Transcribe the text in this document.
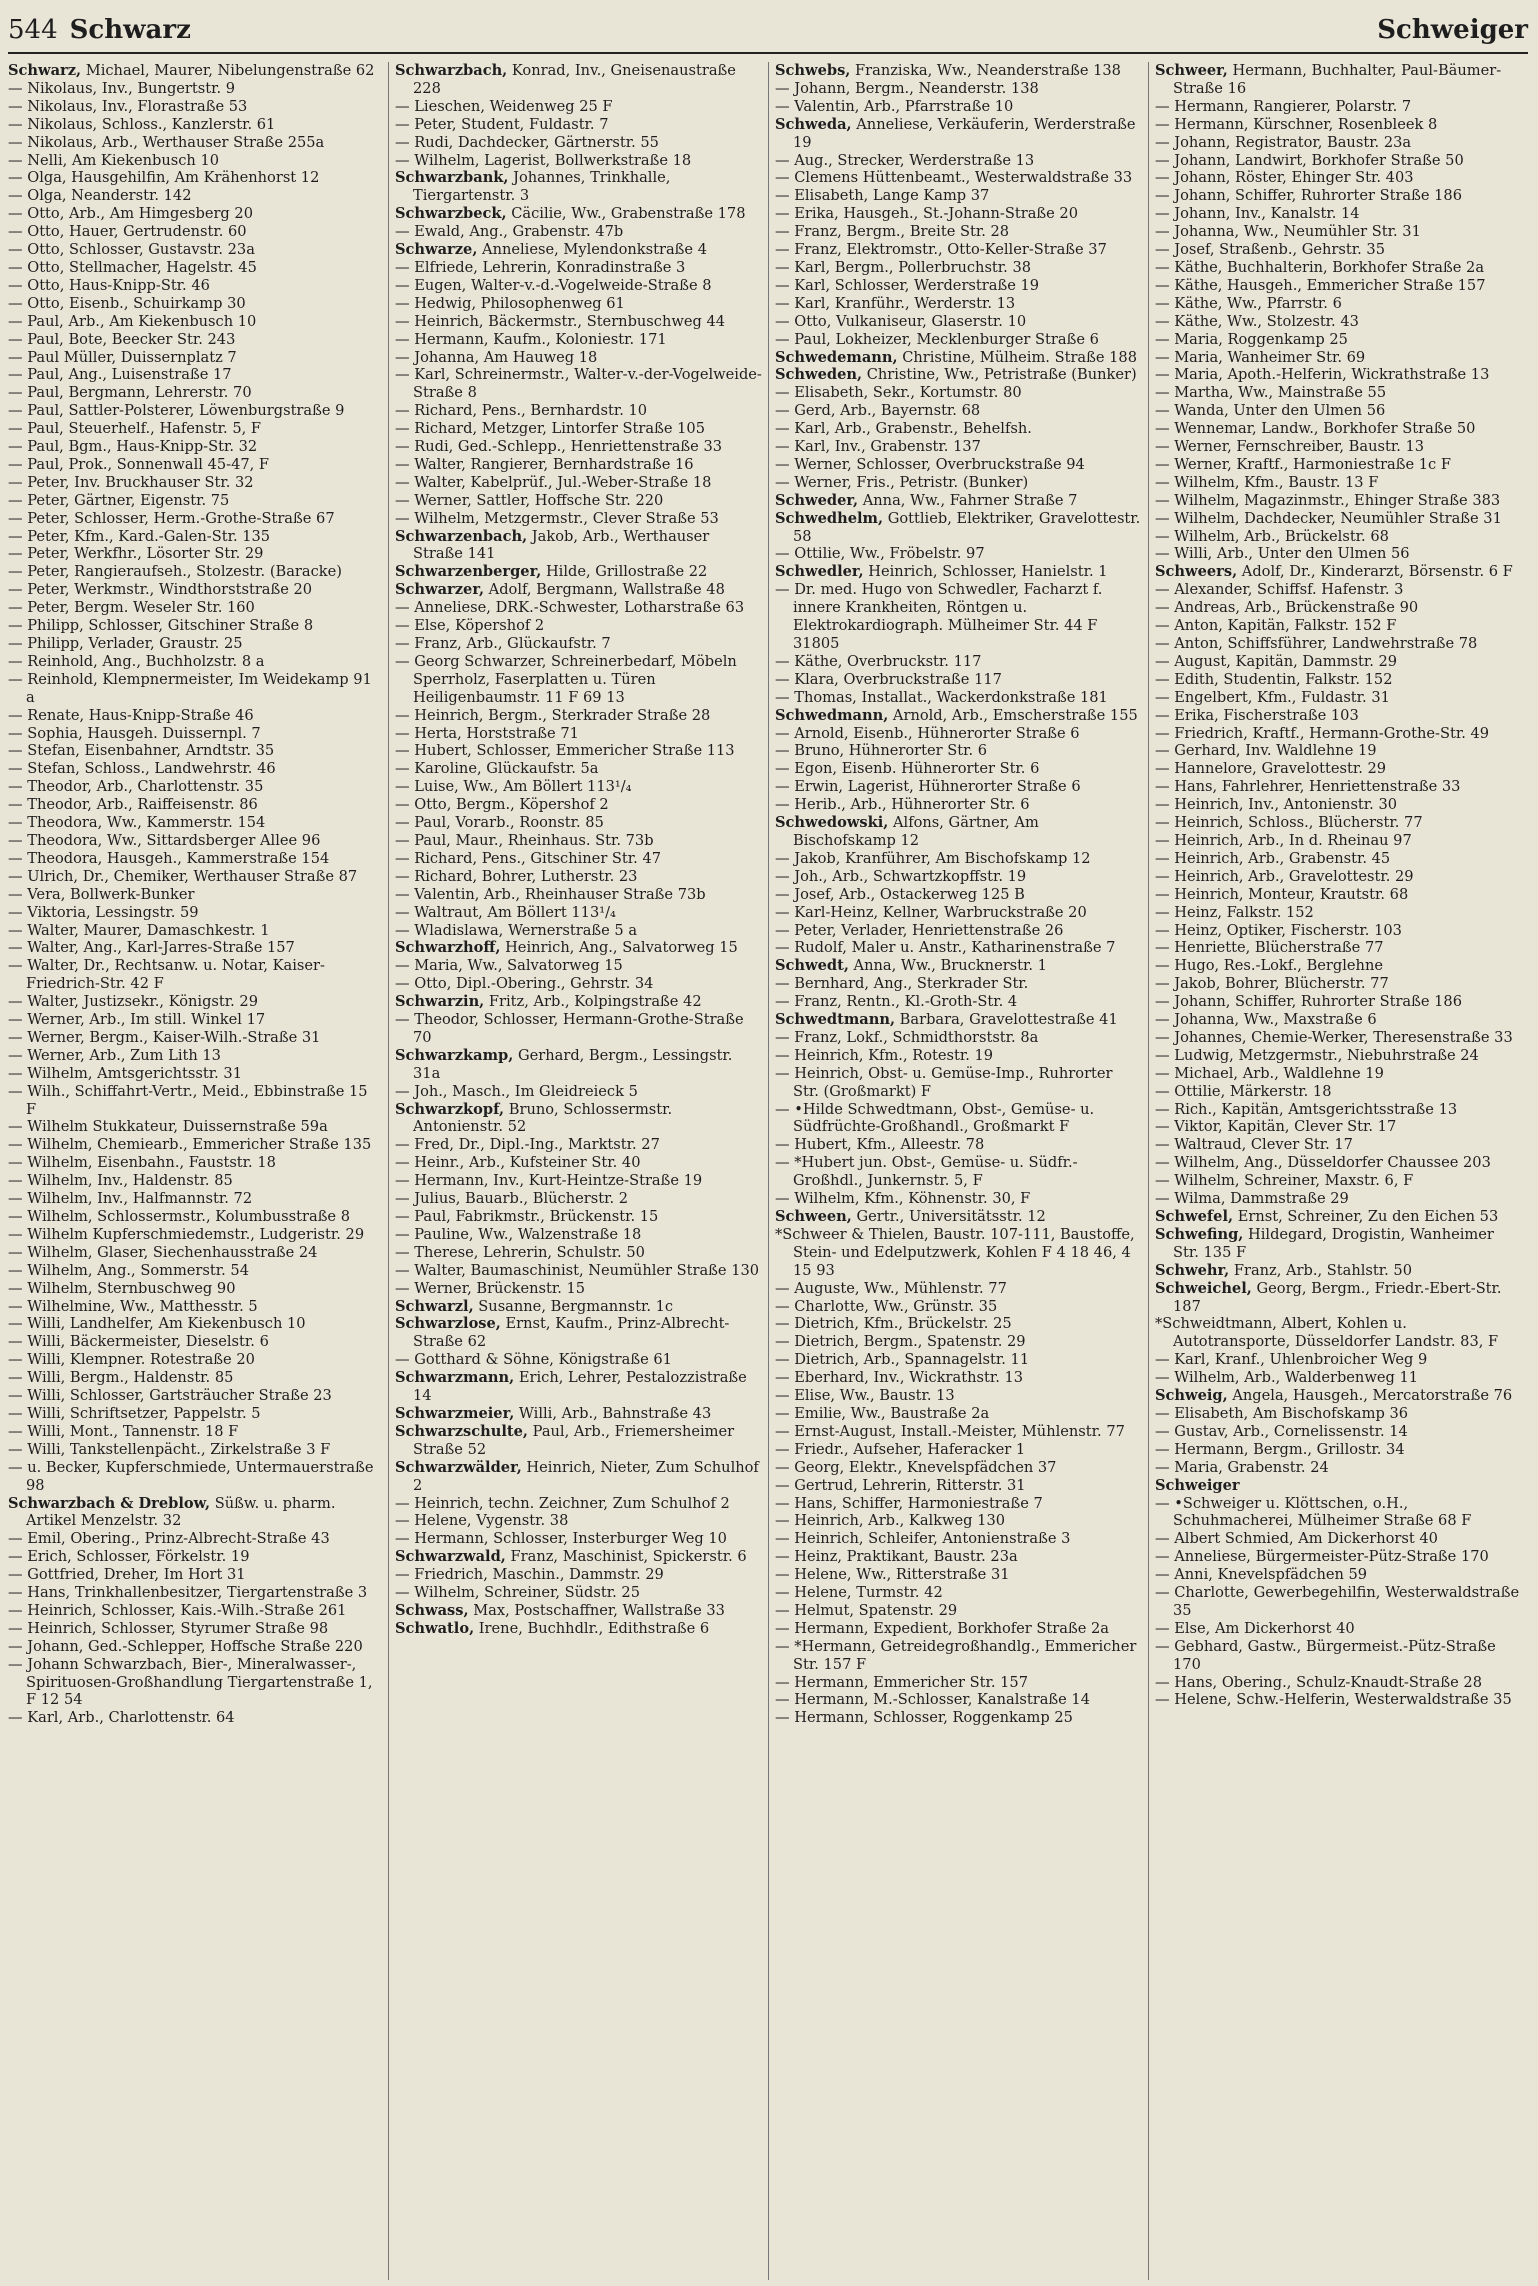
544 Schwarz	Schweiger
Schwarz, Michael, Maurer, Nibelungenstraße 62
— Nikolaus, Inv., Bungertstr. 9
— Nikolaus, Inv., Florastraße 53
— Nikolaus, Schloss., Kanzlerstr. 61
— Nikolaus, Arb., Werthauser Straße 255a
— Nelli, Am Kiekenbusch 10
— Olga, Hausgehilfin, Am Krähenhorst 12
— Olga, Neanderstr. 142
— Otto, Arb., Am Himgesberg 20
— Otto, Hauer, Gertrudenstr. 60
— Otto, Schlosser, Gustavstr. 23a
— Otto, Stellmacher, Hagelstr. 45
— Otto, Haus-Knipp-Str. 46
— Otto, Eisenb., Schuirkamp 30
— Paul, Arb., Am Kiekenbusch 10
— Paul, Bote, Beecker Str. 243
— Paul Müller, Duissernplatz 7
— Paul, Ang., Luisenstraße 17
— Paul, Bergmann, Lehrerstr. 70
— Paul, Sattler-Polsterer, Löwenburgstraße 9
— Paul, Steuerhelf., Hafenstr. 5, F
— Paul, Bgm., Haus-Knipp-Str. 32
— Paul, Prok., Sonnenwall 45-47, F
— Peter, Inv. Bruckhauser Str. 32
— Peter, Gärtner, Eigenstr. 75
— Peter, Schlosser, Herm.-Grothe-Straße 67
— Peter, Kfm., Kard.-Galen-Str. 135
— Peter, Werkfhr., Lösorter Str. 29
— Peter, Rangieraufseh., Stolzestr. (Baracke)
— Peter, Werkmstr., Windthorststraße 20
— Peter, Bergm. Weseler Str. 160
— Philipp, Schlosser, Gitschiner Straße 8
— Philipp, Verlader, Graustr. 25
— Reinhold, Ang., Buchholzstr. 8 a
— Reinhold, Klempnermeister, Im Weidekamp 91 a
— Renate, Haus-Knipp-Straße 46
— Sophia, Hausgeh. Duissernpl. 7
— Stefan, Eisenbahner, Arndtstr. 35
— Stefan, Schloss., Landwehrstr. 46
— Theodor, Arb., Charlottenstr. 35
— Theodor, Arb., Raiffeisenstr. 86
— Theodora, Ww., Kammerstr. 154
— Theodora, Ww., Sittardsberger Allee 96
— Theodora, Hausgeh., Kammerstraße 154
— Ulrich, Dr., Chemiker, Werthauser Straße 87
— Vera, Bollwerk-Bunker
— Viktoria, Lessingstr. 59
— Walter, Maurer, Damaschkestr. 1
— Walter, Ang., Karl-Jarres-Straße 157
— Walter, Dr., Rechtsanw. u. Notar, Kaiser-Friedrich-Str. 42 F
— Walter, Justizsekr., Königstr. 29
— Werner, Arb., Im still. Winkel 17
— Werner, Bergm., Kaiser-Wilh.-Straße 31
— Werner, Arb., Zum Lith 13
— Wilhelm, Amtsgerichtsstr. 31
— Wilh., Schiffahrt-Vertr., Meid., Ebbinstraße 15 F
— Wilhelm Stukkateur, Duissernstraße 59a
— Wilhelm, Chemiearb., Emmericher Straße 135
— Wilhelm, Eisenbahn., Fauststr. 18
— Wilhelm, Inv., Haldenstr. 85
— Wilhelm, Inv., Halfmannstr. 72
— Wilhelm, Schlossermstr., Kolumbusstraße 8
— Wilhelm Kupferschmiedemstr., Ludgeristr. 29
— Wilhelm, Glaser, Siechenhausstraße 24
— Wilhelm, Ang., Sommerstr. 54
— Wilhelm, Sternbuschweg 90
— Wilhelmine, Ww., Matthesstr. 5
— Willi, Landhelfer, Am Kiekenbusch 10
— Willi, Bäckermeister, Dieselstr. 6
— Willi, Klempner. Rotestraße 20
— Willi, Bergm., Haldenstr. 85
— Willi, Schlosser, Gartsträucher Straße 23
— Willi, Schriftsetzer, Pappelstr. 5
— Willi, Mont., Tannenstr. 18 F
— Willi, Tankstellenpächt., Zirkelstraße 3 F
— u. Becker, Kupferschmiede, Untermauerstraße 98
Schwarzbach & Dreblow, Süßw. u. pharm. Artikel Menzelstr. 32
— Emil, Obering., Prinz-Albrecht-Straße 43
— Erich, Schlosser, Förkelstr. 19
— Gottfried, Dreher, Im Hort 31
— Hans, Trinkhallenbesitzer, Tiergartenstraße 3
— Heinrich, Schlosser, Kais.-Wilh.-Straße 261
— Heinrich, Schlosser, Styrumer Straße 98
— Johann, Ged.-Schlepper, Hoffsche Straße 220
— Johann Schwarzbach, Bier-, Mineralwasser-, Spirituosen-Großhandlung Tiergartenstraße 1, F 12 54
— Karl, Arb., Charlottenstr. 64
Schwarzbach, Konrad, Inv., Gneisenaustraße 228
— Lieschen, Weidenweg 25 F
— Peter, Student, Fuldastr. 7
— Rudi, Dachdecker, Gärtnerstr. 55
— Wilhelm, Lagerist, Bollwerkstraße 18
Schwarzbank, Johannes, Trinkhalle, Tiergartenstr. 3
Schwarzbeck, Cäcilie, Ww., Grabenstraße 178
— Ewald, Ang., Grabenstr. 47b
Schwarze, Anneliese, Mylendonkstraße 4
— Elfriede, Lehrerin, Konradinstraße 3
— Eugen, Walter-v.-d.-Vogelweide-Straße 8
— Hedwig, Philosophenweg 61
— Heinrich, Bäckermstr., Sternbuschweg 44
— Hermann, Kaufm., Koloniestr. 171
— Johanna, Am Hauweg 18
— Karl, Schreinermstr., Walter-v.-der-Vogelweide-Straße 8
— Richard, Pens., Bernhardstr. 10
— Richard, Metzger, Lintorfer Straße 105
— Rudi, Ged.-Schlepp., Henriettenstraße 33
— Walter, Rangierer, Bernhardstraße 16
— Walter, Kabelprüf., Jul.-Weber-Straße 18
— Werner, Sattler, Hoffsche Str. 220
— Wilhelm, Metzgermstr., Clever Straße 53
Schwarzenbach, Jakob, Arb., Werthauser Straße 141
Schwarzenberger, Hilde, Grillostraße 22
Schwarzer, Adolf, Bergmann, Wallstraße 48
— Anneliese, DRK.-Schwester, Lotharstraße 63
— Else, Köpershof 2
— Franz, Arb., Glückaufstr. 7
— Georg Schwarzer, Schreinerbedarf, Möbeln Sperrholz, Faserplatten u. Türen Heiligenbaumstr. 11 F 69 13
— Heinrich, Bergm., Sterkrader Straße 28
— Herta, Horststraße 71
— Hubert, Schlosser, Emmericher Straße 113
— Karoline, Glückaufstr. 5a
— Luise, Ww., Am Böllert 113¹/₄
— Otto, Bergm., Köpershof 2
— Paul, Vorarb., Roonstr. 85
— Paul, Maur., Rheinhaus. Str. 73b
— Richard, Pens., Gitschiner Str. 47
— Richard, Bohrer, Lutherstr. 23
— Valentin, Arb., Rheinhauser Straße 73b
— Waltraut, Am Böllert 113¹/₄
— Wladislawa, Wernerstraße 5 a
Schwarzhoff, Heinrich, Ang., Salvatorweg 15
— Maria, Ww., Salvatorweg 15
— Otto, Dipl.-Obering., Gehrstr. 34
Schwarzin, Fritz, Arb., Kolpingstraße 42
— Theodor, Schlosser, Hermann-Grothe-Straße 70
Schwarzkamp, Gerhard, Bergm., Lessingstr. 31a
— Joh., Masch., Im Gleidreieck 5
Schwarzkopf, Bruno, Schlossermstr. Antonienstr. 52
— Fred, Dr., Dipl.-Ing., Marktstr. 27
— Heinr., Arb., Kufsteiner Str. 40
— Hermann, Inv., Kurt-Heintze-Straße 19
— Julius, Bauarb., Blücherstr. 2
— Paul, Fabrikmstr., Brückenstr. 15
— Pauline, Ww., Walzenstraße 18
— Therese, Lehrerin, Schulstr. 50
— Walter, Baumaschinist, Neumühler Straße 130
— Werner, Brückenstr. 15
Schwarzl, Susanne, Bergmannstr. 1c
Schwarzlose, Ernst, Kaufm., Prinz-Albrecht-Straße 62
— Gotthard & Söhne, Königstraße 61
Schwarzmann, Erich, Lehrer, Pestalozzistraße 14
Schwarzmeier, Willi, Arb., Bahnstraße 43
Schwarzschulte, Paul, Arb., Friemersheimer Straße 52
Schwarzwälder, Heinrich, Nieter, Zum Schulhof 2
— Heinrich, techn. Zeichner, Zum Schulhof 2
— Helene, Vygenstr. 38
— Hermann, Schlosser, Insterburger Weg 10
Schwarzwald, Franz, Maschinist, Spickerstr. 6
— Friedrich, Maschin., Dammstr. 29
— Wilhelm, Schreiner, Südstr. 25
Schwass, Max, Postschaffner, Wallstraße 33
Schwatlo, Irene, Buchhdlr., Edithstraße 6
Schwebs, Franziska, Ww., Neanderstraße 138
— Johann, Bergm., Neanderstr. 138
— Valentin, Arb., Pfarrstraße 10
Schweda, Anneliese, Verkäuferin, Werderstraße 19
— Aug., Strecker, Werderstraße 13
— Clemens Hüttenbeamt., Westerwaldstraße 33
— Elisabeth, Lange Kamp 37
— Erika, Hausgeh., St.-Johann-Straße 20
— Franz, Bergm., Breite Str. 28
— Franz, Elektromstr., Otto-Keller-Straße 37
— Karl, Bergm., Pollerbruchstr. 38
— Karl, Schlosser, Werderstraße 19
— Karl, Kranführ., Werderstr. 13
— Otto, Vulkaniseur, Glaserstr. 10
— Paul, Lokheizer, Mecklenburger Straße 6
Schwedemann, Christine, Mülheim. Straße 188
Schweden, Christine, Ww., Petristraße (Bunker)
— Elisabeth, Sekr., Kortumstr. 80
— Gerd, Arb., Bayernstr. 68
— Karl, Arb., Grabenstr., Behelfsh.
— Karl, Inv., Grabenstr. 137
— Werner, Schlosser, Overbruckstraße 94
— Werner, Fris., Petristr. (Bunker)
Schweder, Anna, Ww., Fahrner Straße 7
Schwedhelm, Gottlieb, Elektriker, Gravelottestr. 58
— Ottilie, Ww., Fröbelstr. 97
Schwedler, Heinrich, Schlosser, Hanielstr. 1
— Dr. med. Hugo von Schwedler, Facharzt f. innere Krankheiten, Röntgen u. Elektrokardiograph. Mülheimer Str. 44 F 31805
— Käthe, Overbruckstr. 117
— Klara, Overbruckstraße 117
— Thomas, Installat., Wackerdonkstraße 181
Schwedmann, Arnold, Arb., Emscherstraße 155
— Arnold, Eisenb., Hühnerorter Straße 6
— Bruno, Hühnerorter Str. 6
— Egon, Eisenb. Hühnerorter Str. 6
— Erwin, Lagerist, Hühnerorter Straße 6
— Herib., Arb., Hühnerorter Str. 6
Schwedowski, Alfons, Gärtner, Am Bischofskamp 12
— Jakob, Kranführer, Am Bischofskamp 12
— Joh., Arb., Schwartzkopffstr. 19
— Josef, Arb., Ostackerweg 125 B
— Karl-Heinz, Kellner, Warbruckstraße 20
— Peter, Verlader, Henriettenstraße 26
— Rudolf, Maler u. Anstr., Katharinenstraße 7
Schwedt, Anna, Ww., Brucknerstr. 1
— Bernhard, Ang., Sterkrader Str.
— Franz, Rentn., Kl.-Groth-Str. 4
Schwedtmann, Barbara, Gravelottestraße 41
— Franz, Lokf., Schmidthorststr. 8a
— Heinrich, Kfm., Rotestr. 19
— Heinrich, Obst- u. Gemüse-Imp., Ruhrorter Str. (Großmarkt) F
— •Hilde Schwedtmann, Obst-, Gemüse- u. Südfrüchte-Großhandl., Großmarkt F
— Hubert, Kfm., Alleestr. 78
— *Hubert jun. Obst-, Gemüse- u. Südfr.-Großhdl., Junkernstr. 5, F
— Wilhelm, Kfm., Köhnenstr. 30, F
Schween, Gertr., Universitätsstr. 12
*Schweer & Thielen, Baustr. 107-111, Baustoffe, Stein- und Edelputzwerk, Kohlen F 4 18 46, 4 15 93
— Auguste, Ww., Mühlenstr. 77
— Charlotte, Ww., Grünstr. 35
— Dietrich, Kfm., Brückelstr. 25
— Dietrich, Bergm., Spatenstr. 29
— Dietrich, Arb., Spannagelstr. 11
— Eberhard, Inv., Wickrathstr. 13
— Elise, Ww., Baustr. 13
— Emilie, Ww., Baustraße 2a
— Ernst-August, Install.-Meister, Mühlenstr. 77
— Friedr., Aufseher, Haferacker 1
— Georg, Elektr., Knevelspfädchen 37
— Gertrud, Lehrerin, Ritterstr. 31
— Hans, Schiffer, Harmoniestraße 7
— Heinrich, Arb., Kalkweg 130
— Heinrich, Schleifer, Antonienstraße 3
— Heinz, Praktikant, Baustr. 23a
— Helene, Ww., Ritterstraße 31
— Helene, Turmstr. 42
— Helmut, Spatenstr. 29
— Hermann, Expedient, Borkhofer Straße 2a
— *Hermann, Getreidegroßhandlg., Emmericher Str. 157 F
— Hermann, Emmericher Str. 157
— Hermann, M.-Schlosser, Kanalstraße 14
— Hermann, Schlosser, Roggenkamp 25
Schweer, Hermann, Buchhalter, Paul-Bäumer-Straße 16
— Hermann, Rangierer, Polarstr. 7
— Hermann, Kürschner, Rosenbleek 8
— Johann, Registrator, Baustr. 23a
— Johann, Landwirt, Borkhofer Straße 50
— Johann, Röster, Ehinger Str. 403
— Johann, Schiffer, Ruhrorter Straße 186
— Johann, Inv., Kanalstr. 14
— Johanna, Ww., Neumühler Str. 31
— Josef, Straßenb., Gehrstr. 35
— Käthe, Buchhalterin, Borkhofer Straße 2a
— Käthe, Hausgeh., Emmericher Straße 157
— Käthe, Ww., Pfarrstr. 6
— Käthe, Ww., Stolzestr. 43
— Maria, Roggenkamp 25
— Maria, Wanheimer Str. 69
— Maria, Apoth.-Helferin, Wickrathstraße 13
— Martha, Ww., Mainstraße 55
— Wanda, Unter den Ulmen 56
— Wennemar, Landw., Borkhofer Straße 50
— Werner, Fernschreiber, Baustr. 13
— Werner, Kraftf., Harmoniestraße 1c F
— Wilhelm, Kfm., Baustr. 13 F
— Wilhelm, Magazinmstr., Ehinger Straße 383
— Wilhelm, Dachdecker, Neumühler Straße 31
— Wilhelm, Arb., Brückelstr. 68
— Willi, Arb., Unter den Ulmen 56
Schweers, Adolf, Dr., Kinderarzt, Börsenstr. 6 F
— Alexander, Schiffsf. Hafenstr. 3
— Andreas, Arb., Brückenstraße 90
— Anton, Kapitän, Falkstr. 152 F
— Anton, Schiffsführer, Landwehrstraße 78
— August, Kapitän, Dammstr. 29
— Edith, Studentin, Falkstr. 152
— Engelbert, Kfm., Fuldastr. 31
— Erika, Fischerstraße 103
— Friedrich, Kraftf., Hermann-Grothe-Str. 49
— Gerhard, Inv. Waldlehne 19
— Hannelore, Gravelottestr. 29
— Hans, Fahrlehrer, Henriettenstraße 33
— Heinrich, Inv., Antonienstr. 30
— Heinrich, Schloss., Blücherstr. 77
— Heinrich, Arb., In d. Rheinau 97
— Heinrich, Arb., Grabenstr. 45
— Heinrich, Arb., Gravelottestr. 29
— Heinrich, Monteur, Krautstr. 68
— Heinz, Falkstr. 152
— Heinz, Optiker, Fischerstr. 103
— Henriette, Blücherstraße 77
— Hugo, Res.-Lokf., Berglehne
— Jakob, Bohrer, Blücherstr. 77
— Johann, Schiffer, Ruhrorter Straße 186
— Johanna, Ww., Maxstraße 6
— Johannes, Chemie-Werker, Theresenstraße 33
— Ludwig, Metzgermstr., Niebuhrstraße 24
— Michael, Arb., Waldlehne 19
— Ottilie, Märkerstr. 18
— Rich., Kapitän, Amtsgerichtsstraße 13
— Viktor, Kapitän, Clever Str. 17
— Waltraud, Clever Str. 17
— Wilhelm, Ang., Düsseldorfer Chaussee 203
— Wilhelm, Schreiner, Maxstr. 6, F
— Wilma, Dammstraße 29
Schwefel, Ernst, Schreiner, Zu den Eichen 53
Schwefing, Hildegard, Drogistin, Wanheimer Str. 135 F
Schwehr, Franz, Arb., Stahlstr. 50
Schweichel, Georg, Bergm., Friedr.-Ebert-Str. 187
*Schweidtmann, Albert, Kohlen u. Autotransporte, Düsseldorfer Landstr. 83, F
— Karl, Kranf., Uhlenbroicher Weg 9
— Wilhelm, Arb., Walderbenweg 11
Schweig, Angela, Hausgeh., Mercatorstraße 76
— Elisabeth, Am Bischofskamp 36
— Gustav, Arb., Cornelissenstr. 14
— Hermann, Bergm., Grillostr. 34
— Maria, Grabenstr. 24
Schweiger
— •Schweiger u. Klöttschen, o.H., Schuhmacherei, Mülheimer Straße 68 F
— Albert Schmied, Am Dickerhorst 40
— Anneliese, Bürgermeister-Pütz-Straße 170
— Anni, Knevelspfädchen 59
— Charlotte, Gewerbegehilfin, Westerwaldstraße 35
— Else, Am Dickerhorst 40
— Gebhard, Gastw., Bürgermeist.-Pütz-Straße 170
— Hans, Obering., Schulz-Knaudt-Straße 28
— Helene, Schw.-Helferin, Westerwaldstraße 35
